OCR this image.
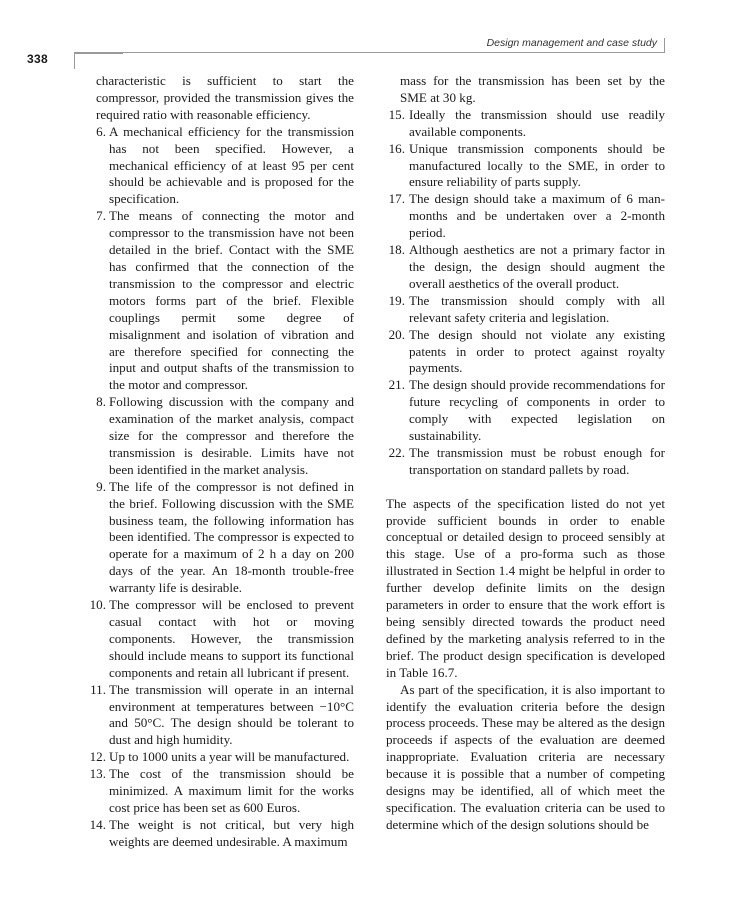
338
Design management and case study
characteristic is sufficient to start the compressor, provided the transmission gives the required ratio with reasonable efficiency.
6. A mechanical efficiency for the transmission has not been specified. However, a mechanical efficiency of at least 95 per cent should be achievable and is proposed for the specification.
7. The means of connecting the motor and compressor to the transmission have not been detailed in the brief. Contact with the SME has confirmed that the connection of the transmission to the compressor and electric motors forms part of the brief. Flexible couplings permit some degree of misalignment and isolation of vibration and are therefore specified for connecting the input and output shafts of the transmission to the motor and compressor.
8. Following discussion with the company and examination of the market analysis, compact size for the compressor and therefore the transmission is desirable. Limits have not been identified in the market analysis.
9. The life of the compressor is not defined in the brief. Following discussion with the SME business team, the following information has been identified. The compressor is expected to operate for a maximum of 2 h a day on 200 days of the year. An 18-month trouble-free warranty life is desirable.
10. The compressor will be enclosed to prevent casual contact with hot or moving components. However, the transmission should include means to support its functional components and retain all lubricant if present.
11. The transmission will operate in an internal environment at temperatures between −10°C and 50°C. The design should be tolerant to dust and high humidity.
12. Up to 1000 units a year will be manufactured.
13. The cost of the transmission should be minimized. A maximum limit for the works cost price has been set as 600 Euros.
14. The weight is not critical, but very high weights are deemed undesirable. A maximum
mass for the transmission has been set by the SME at 30 kg.
15. Ideally the transmission should use readily available components.
16. Unique transmission components should be manufactured locally to the SME, in order to ensure reliability of parts supply.
17. The design should take a maximum of 6 man-months and be undertaken over a 2-month period.
18. Although aesthetics are not a primary factor in the design, the design should augment the overall aesthetics of the overall product.
19. The transmission should comply with all relevant safety criteria and legislation.
20. The design should not violate any existing patents in order to protect against royalty payments.
21. The design should provide recommendations for future recycling of components in order to comply with expected legislation on sustainability.
22. The transmission must be robust enough for transportation on standard pallets by road.
The aspects of the specification listed do not yet provide sufficient bounds in order to enable conceptual or detailed design to proceed sensibly at this stage. Use of a pro-forma such as those illustrated in Section 1.4 might be helpful in order to further develop definite limits on the design parameters in order to ensure that the work effort is being sensibly directed towards the product need defined by the marketing analysis referred to in the brief. The product design specification is developed in Table 16.7.
As part of the specification, it is also important to identify the evaluation criteria before the design process proceeds. These may be altered as the design proceeds if aspects of the evaluation are deemed inappropriate. Evaluation criteria are necessary because it is possible that a number of competing designs may be identified, all of which meet the specification. The evaluation criteria can be used to determine which of the design solutions should be
